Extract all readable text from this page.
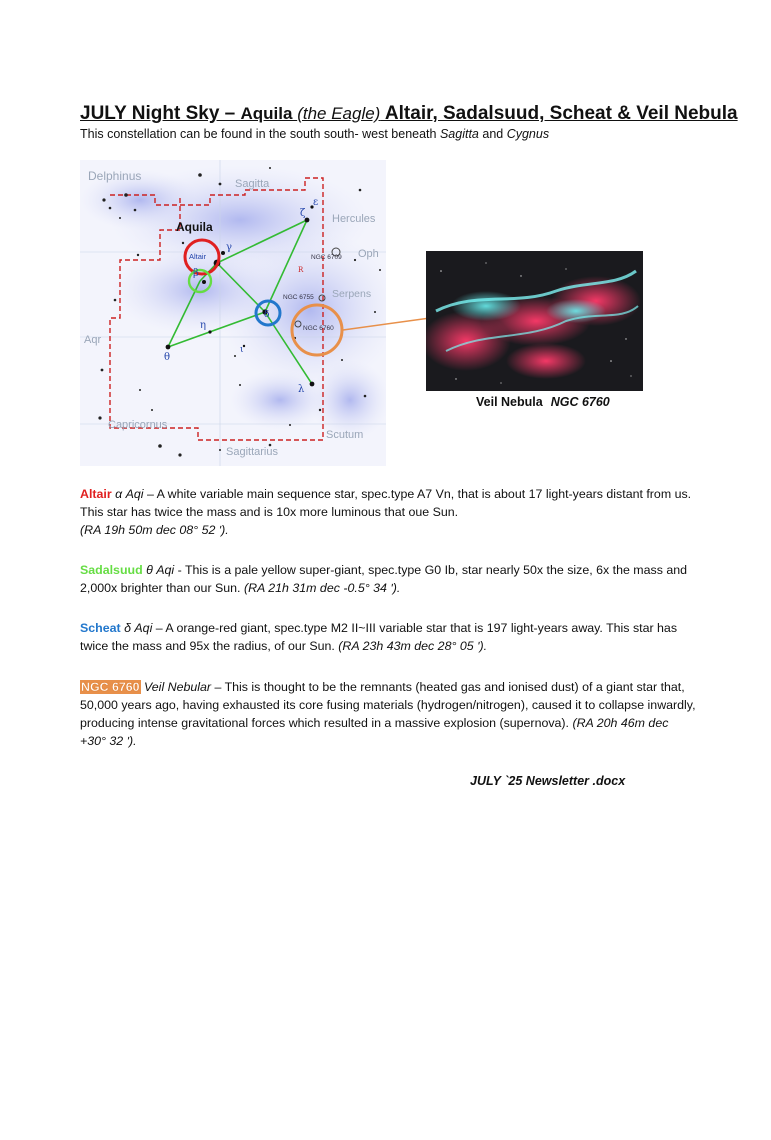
JULY Night Sky – Aquila (the Eagle) Altair, Sadalsuud, Scheat & Veil Nebula
This constellation can be found in the south south- west beneath Sagitta and Cygnus
Delphinus
Sagitta
Hercules
Oph
Serpens
Aqr
Capricornus
Scutum
Sagittarius
Aquila
Altair	NGC 6709
NGC 6755
NGC 6760
β
γ
ζ
ε
δ
η
θ
ι
λ
R
Veil Nebula NGC 6760
Altair α Aqi – A white variable main sequence star, spec.type A7 Vn, that is about 17 light-years distant from us. This star has twice the mass and is 10x more luminous that oue Sun.
(RA 19h 50m dec 08° 52 ʹ).
Sadalsuud θ Aqi - This is a pale yellow super-giant, spec.type G0 Ib, star nearly 50x the size, 6x the mass and 2,000x brighter than our Sun. (RA 21h 31m dec -0.5° 34 ʹ).
Scheat δ Aqi – A orange-red giant, spec.type M2 II~III variable star that is 197 light-years away. This star has twice the mass and 95x the radius, of our Sun. (RA 23h 43m dec 28° 05 ʹ).
NGC 6760 Veil Nebular – This is thought to be the remnants (heated gas and ionised dust) of a giant star that, 50,000 years ago, having exhausted its core fusing materials (hydrogen/nitrogen), caused it to collapse inwardly, producing intense gravitational forces which resulted in a massive explosion (supernova). (RA 20h 46m dec +30° 32 ʹ).
JULY `25 Newsletter .docx
